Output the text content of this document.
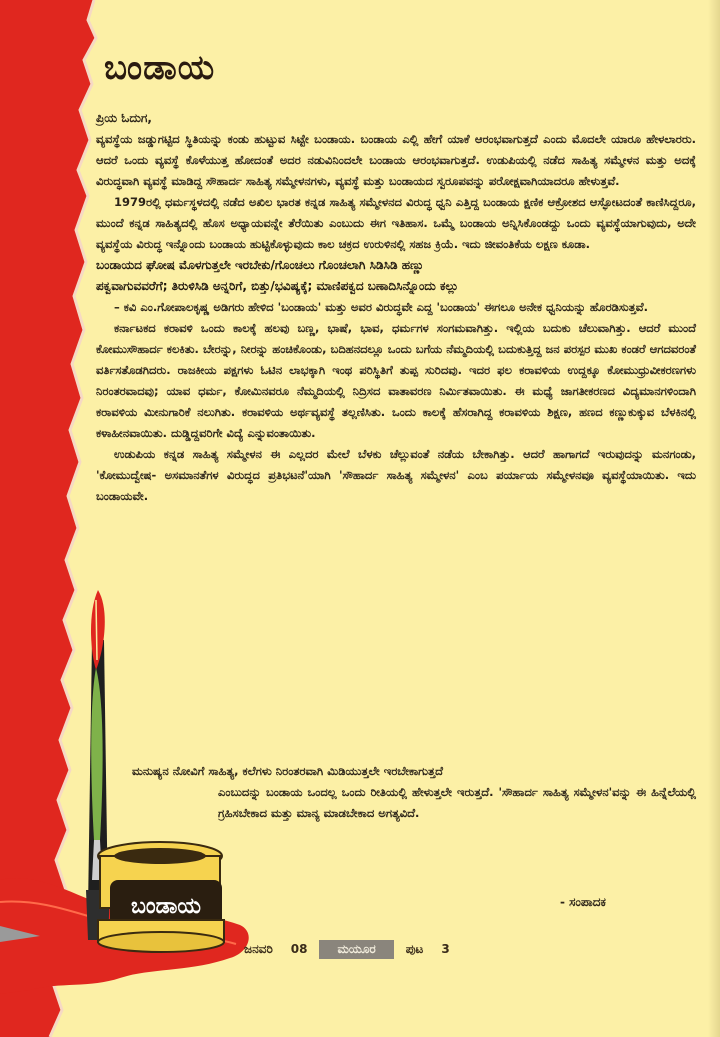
ಬಂಡಾಯ

ಪ್ರಿಯ ಓದುಗ,

ವ್ಯವಸ್ಥೆಯ ಜಡ್ಡುಗಟ್ಟಿದ ಸ್ಥಿತಿಯನ್ನು ಕಂಡು ಹುಟ್ಟುವ ಸಿಟ್ಟೇ ಬಂಡಾಯ. ಬಂಡಾಯ ಎಲ್ಲಿ ಹೇಗೆ ಯಾಕೆ ಆರಂಭವಾಗುತ್ತದೆ ಎಂದು ಮೊದಲೇ ಯಾರೂ ಹೇಳಲಾರರು. ಆದರೆ ಒಂದು ವ್ಯವಸ್ಥೆ ಕೊಳೆಯುತ್ತ ಹೋದಂತೆ ಅದರ ನಡುವಿನಿಂದಲೇ ಬಂಡಾಯ ಆರಂಭವಾಗುತ್ತದೆ. ಉಡುಪಿಯಲ್ಲಿ ನಡೆದ ಸಾಹಿತ್ಯ ಸಮ್ಮೇಳನ ಮತ್ತು ಅದಕ್ಕೆ ವಿರುದ್ಧವಾಗಿ ವ್ಯವಸ್ಥೆ ಮಾಡಿದ್ದ ಸೌಹಾರ್ದ ಸಾಹಿತ್ಯ ಸಮ್ಮೇಳನಗಳು, ವ್ಯವಸ್ಥೆ ಮತ್ತು ಬಂಡಾಯದ ಸ್ವರೂಪವನ್ನು ಪರೋಕ್ಷವಾಗಿಯಾದರೂ ಹೇಳುತ್ತವೆ.

1979ರಲ್ಲಿ ಧರ್ಮಸ್ಥಳದಲ್ಲಿ ನಡೆದ ಅಖಿಲ ಭಾರತ ಕನ್ನಡ ಸಾಹಿತ್ಯ ಸಮ್ಮೇಳನದ ವಿರುದ್ಧ ಧ್ವನಿ ಎತ್ತಿದ್ದ ಬಂಡಾಯ ಕ್ಷಣಿಕ ಆಕ್ರೋಶದ ಆಸ್ಫೋಟದಂತೆ ಕಾಣಿಸಿದ್ದರೂ, ಮುಂದೆ ಕನ್ನಡ ಸಾಹಿತ್ಯದಲ್ಲಿ ಹೊಸ ಅಧ್ಯಾಯವನ್ನೇ ತೆರೆಯಿತು ಎಂಬುದು ಈಗ ಇತಿಹಾಸ. ಒಮ್ಮೆ ಬಂಡಾಯ ಅನ್ನಿಸಿಕೊಂಡದ್ದು ಒಂದು ವ್ಯವಸ್ಥೆಯಾಗುವುದು, ಅದೇ ವ್ಯವಸ್ಥೆಯ ವಿರುದ್ಧ ಇನ್ನೊಂದು ಬಂಡಾಯ ಹುಟ್ಟಿಕೊಳ್ಳುವುದು ಕಾಲ ಚಕ್ರದ ಉರುಳಿನಲ್ಲಿ ಸಹಜ ಕ್ರಿಯೆ. ಇದು ಜೀವಂತಿಕೆಯ ಲಕ್ಷಣ ಕೂಡಾ.

ಬಂಡಾಯದ ಘೋಷ ಮೊಳಗುತ್ತಲೇ ಇರಬೇಕು/ಗೊಂಚಲು ಗೊಂಚಲಾಗಿ ಸಿಡಿಸಿಡಿ ಹಣ್ಣು

ಪಕ್ವವಾಗುವವರೆಗೆ; ತಿರುಳಿಸಿಡಿ ಅನ್ನರಿಗೆ, ಬಿತ್ತು/ಭವಿಷ್ಯಕ್ಕೆ; ಮಾಣಿಪಕ್ವದ ಬಣಾದಿಸಿನ್ನೊಂದು ಕಲ್ಲು

– ಕವಿ ಎಂ.ಗೋಪಾಲಕೃಷ್ಣ ಅಡಿಗರು ಹೇಳಿದ 'ಬಂಡಾಯ' ಮತ್ತು ಅವರ ವಿರುದ್ಧವೇ ಎದ್ದ 'ಬಂಡಾಯ' ಈಗಲೂ ಅನೇಕ ಧ್ವನಿಯನ್ನು ಹೊರಡಿಸುತ್ತವೆ.

ಕರ್ನಾಟಕದ ಕರಾವಳಿ ಒಂದು ಕಾಲಕ್ಕೆ ಹಲವು ಬಣ್ಣ, ಭಾಷೆ, ಭಾವ, ಧರ್ಮಗಳ ಸಂಗಮವಾಗಿತ್ತು. ಇಲ್ಲಿಯ ಬದುಕು ಚೆಲುವಾಗಿತ್ತು. ಆದರೆ ಮುಂದೆ ಕೋಮುಸೌಹಾರ್ದ ಕಲಕಿತು. ಬೇರನ್ನು, ನೀರನ್ನು ಹಂಚಿಕೊಂಡು, ಬದಿಹನದಲ್ಲೂ ಒಂದು ಬಗೆಯ ನೆಮ್ಮದಿಯಲ್ಲಿ ಬದುಕುತ್ತಿದ್ದ ಜನ ಪರಸ್ಪರ ಮುಖ ಕಂಡರೆ ಆಗದವರಂತೆ ವರ್ತಿಸತೊಡಗಿದರು. ರಾಜಕೀಯ ಪಕ್ಷಗಳು ಓಟಿನ ಲಾಭಕ್ಕಾಗಿ ಇಂಥ ಪರಿಸ್ಥಿತಿಗೆ ತುಪ್ಪ ಸುರಿದವು. ಇದರ ಫಲ ಕರಾವಳಿಯ ಉದ್ದಕ್ಕೂ ಕೋಮುಧ್ರುವೀಕರಣಗಳು ನಿರಂತರವಾದವು; ಯಾವ ಧರ್ಮ, ಕೋಮಿನವರೂ ನೆಮ್ಮದಿಯಲ್ಲಿ ನಿದ್ರಿಸದ ವಾತಾವರಣ ನಿರ್ಮಿತವಾಯಿತು. ಈ ಮಧ್ಯೆ ಜಾಗತೀಕರಣದ ವಿದ್ಯಮಾನಗಳಿಂದಾಗಿ ಕರಾವಳಿಯ ಮೀನುಗಾರಿಕೆ ನಲುಗಿತು. ಕರಾವಳಿಯ ಅರ್ಥವ್ಯವಸ್ಥೆ ತಲ್ಲಣಿಸಿತು. ಒಂದು ಕಾಲಕ್ಕೆ ಹೆಸರಾಗಿದ್ದ ಕರಾವಳಿಯ ಶಿಕ್ಷಣ, ಹಣದ ಕಣ್ಣುಕುಕ್ಕುವ ಬೆಳಕಿನಲ್ಲಿ ಕಳಾಹೀನವಾಯಿತು. ದುಡ್ಡಿದ್ದವರಿಗೇ ವಿದ್ಯೆ ಎನ್ನುವಂತಾಯಿತು.

ಉಡುಪಿಯ ಕನ್ನಡ ಸಾಹಿತ್ಯ ಸಮ್ಮೇಳನ ಈ ಎಲ್ಲದರ ಮೇಲೆ ಬೆಳಕು ಚೆಲ್ಲುವಂತೆ ನಡೆಯ ಬೇಕಾಗಿತ್ತು. ಆದರೆ ಹಾಗಾಗದೆ ಇರುವುದನ್ನು ಮನಗಂಡು, 'ಕೋಮುದ್ವೇಷ- ಅಸಮಾನತೆಗಳ ವಿರುದ್ಧದ ಪ್ರತಿಭಟನೆ'ಯಾಗಿ 'ಸೌಹಾರ್ದ ಸಾಹಿತ್ಯ ಸಮ್ಮೇಳನ' ಎಂಬ ಪರ್ಯಾಯ ಸಮ್ಮೇಳನವೂ ವ್ಯವಸ್ಥೆಯಾಯಿತು. ಇದು ಬಂಡಾಯವೇ.

ಮನುಷ್ಯನ ನೋವಿಗೆ ಸಾಹಿತ್ಯ, ಕಲೆಗಳು ನಿರಂತರವಾಗಿ ಮಿಡಿಯುತ್ತಲೇ ಇರಬೇಕಾಗುತ್ತದೆ
ಎಂಬುದನ್ನು ಬಂಡಾಯ ಒಂದಲ್ಲ ಒಂದು ರೀತಿಯಲ್ಲಿ ಹೇಳುತ್ತಲೇ ಇರುತ್ತದೆ. 'ಸೌಹಾರ್ದ ಸಾಹಿತ್ಯ ಸಮ್ಮೇಳನ'ವನ್ನು ಈ ಹಿನ್ನೆಲೆಯಲ್ಲಿ ಗ್ರಹಿಸಬೇಕಾದ ಮತ್ತು ಮಾನ್ಯ ಮಾಡಬೇಕಾದ ಅಗತ್ಯವಿದೆ.

- ಸಂಪಾದಕ

ಬಂಡಾಯ
ಜನವರಿ 08	ಮಯೂರ	ಪುಟ 3
